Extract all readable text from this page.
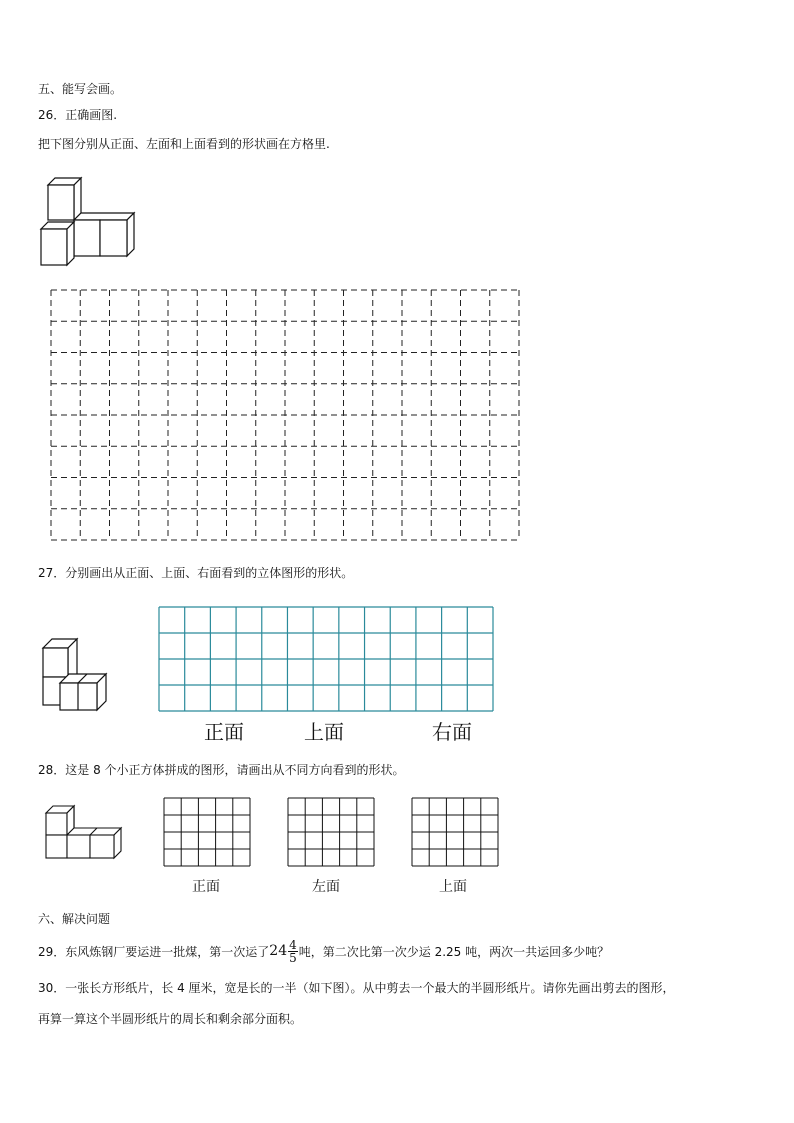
五、能写会画。
26．正确画图.
把下图分别从正面、左面和上面看到的形状画在方格里.
27．分别画出从正面、上面、右面看到的立体图形的形状。
正面	上面	右面
28．这是 8 个小正方体拼成的图形，请画出从不同方向看到的形状。
正面	左面	上面
六、解决问题
29．东风炼钢厂要运进一批煤，第一次运了 $24 \frac{4}{5}$ 吨，第二次比第一次少运 2.25 吨，两次一共运回多少吨？
30．一张长方形纸片，长 4 厘米，宽是长的一半（如下图）。从中剪去一个最大的半圆形纸片。请你先画出剪去的图形，
再算一算这个半圆形纸片的周长和剩余部分面积。
